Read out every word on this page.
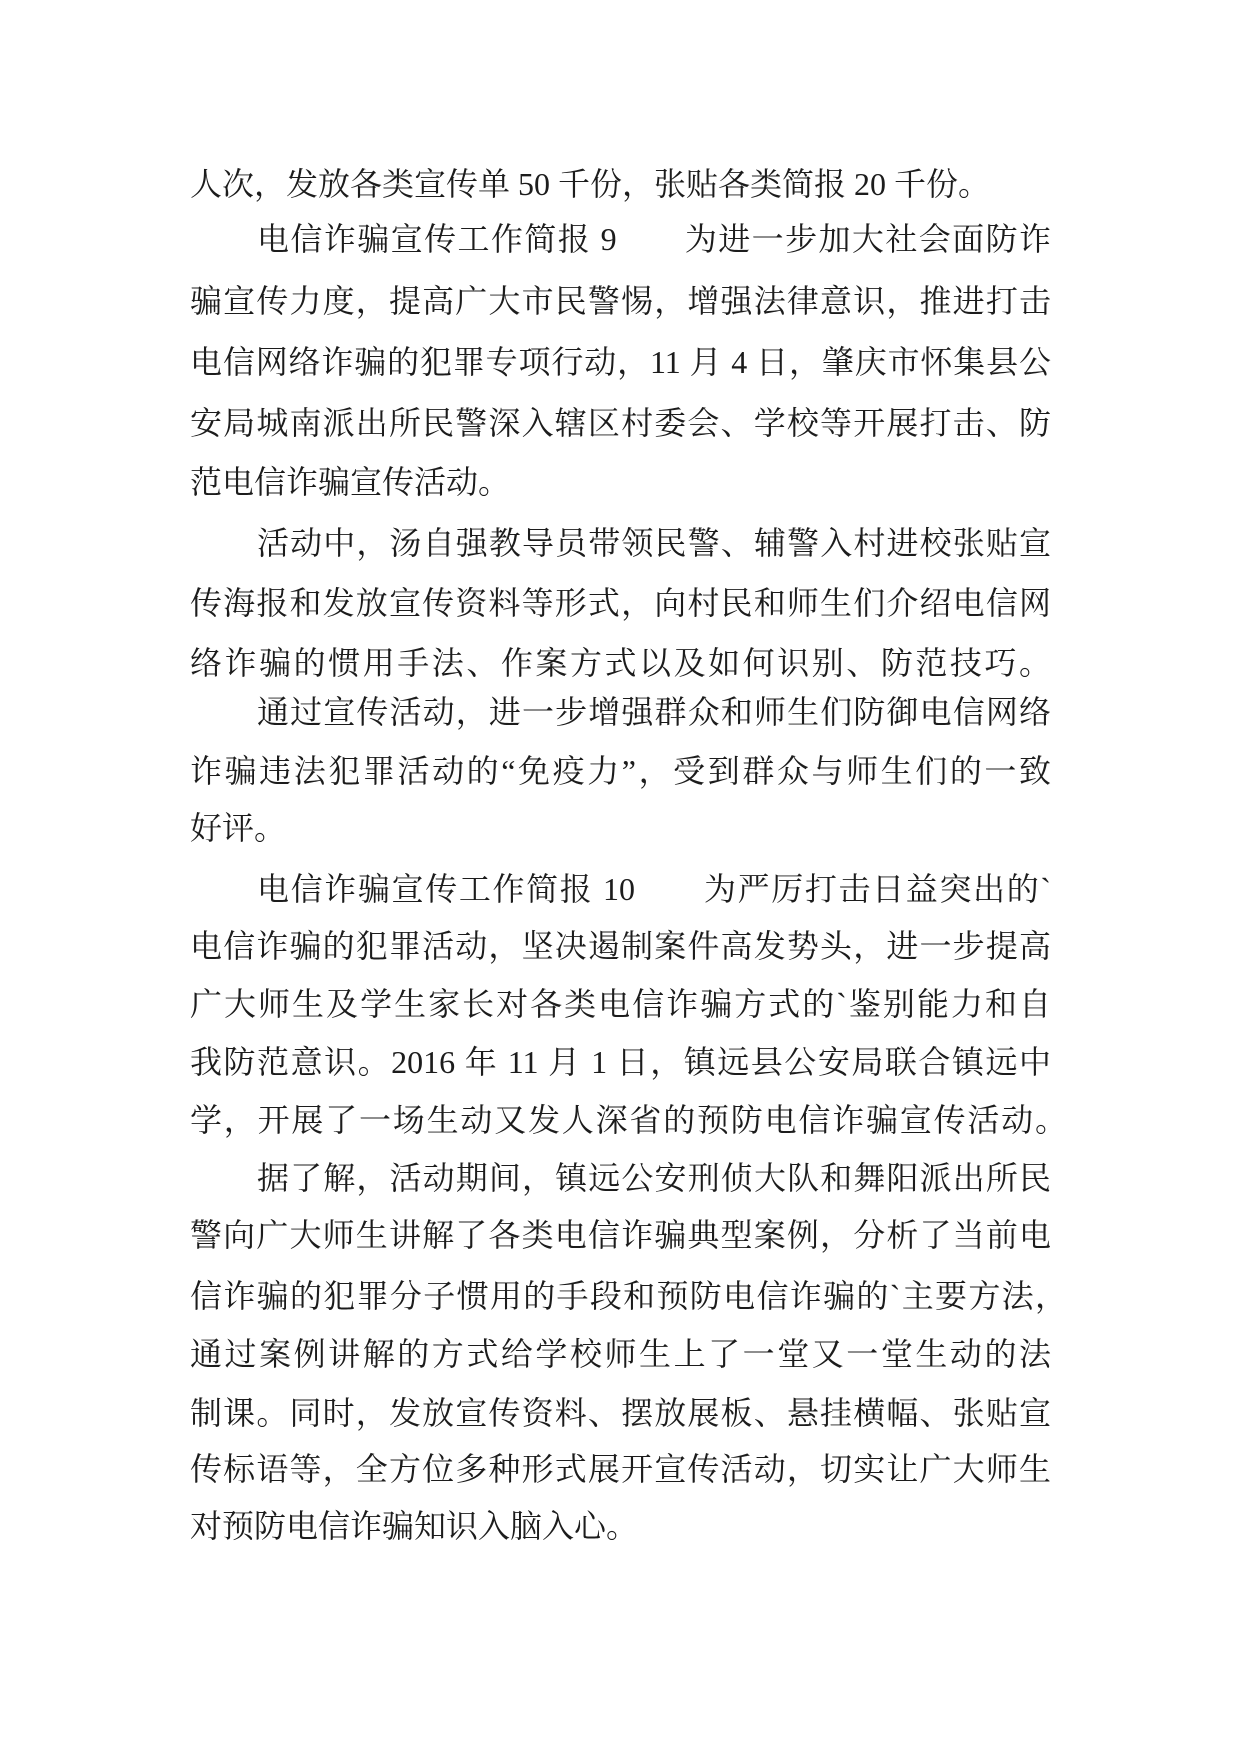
人次，发放各类宣传单 50 千份，张贴各类简报 20 千份。
电信诈骗宣传工作简报 9　　为进一步加大社会面防诈
骗宣传力度，提高广大市民警惕，增强法律意识，推进打击
电信网络诈骗的犯罪专项行动，11 月 4 日，肇庆市怀集县公
安局城南派出所民警深入辖区村委会、学校等开展打击、防
范电信诈骗宣传活动。
活动中，汤自强教导员带领民警、辅警入村进校张贴宣
传海报和发放宣传资料等形式，向村民和师生们介绍电信网
络诈骗的惯用手法、作案方式以及如何识别、防范技巧。
通过宣传活动，进一步增强群众和师生们防御电信网络
诈骗违法犯罪活动的“免疫力”，受到群众与师生们的一致
好评。
电信诈骗宣传工作简报 10　　为严厉打击日益突出的`
电信诈骗的犯罪活动，坚决遏制案件高发势头，进一步提高
广大师生及学生家长对各类电信诈骗方式的`鉴别能力和自
我防范意识。2016 年 11 月 1 日，镇远县公安局联合镇远中
学，开展了一场生动又发人深省的预防电信诈骗宣传活动。
据了解，活动期间，镇远公安刑侦大队和舞阳派出所民
警向广大师生讲解了各类电信诈骗典型案例，分析了当前电
信诈骗的犯罪分子惯用的手段和预防电信诈骗的`主要方法，
通过案例讲解的方式给学校师生上了一堂又一堂生动的法
制课。同时，发放宣传资料、摆放展板、悬挂横幅、张贴宣
传标语等，全方位多种形式展开宣传活动，切实让广大师生
对预防电信诈骗知识入脑入心。
